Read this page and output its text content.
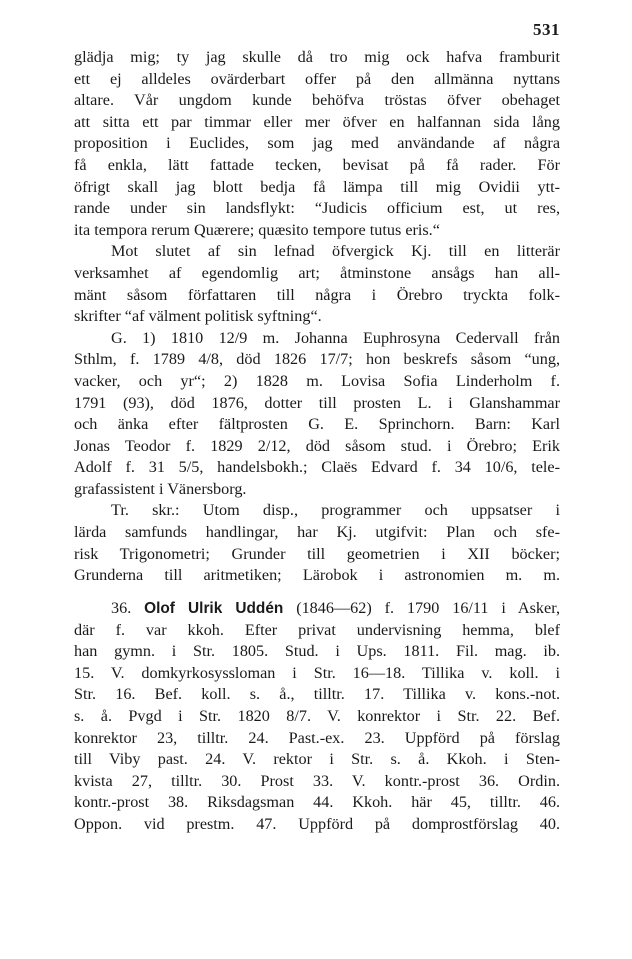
531
glädja mig; ty jag skulle då tro mig ock hafva framburit
ett ej alldeles ovärderbart offer på den allmänna nyttans
altare. Vår ungdom kunde behöfva tröstas öfver obehaget
att sitta ett par timmar eller mer öfver en halfannan sida lång
proposition i Euclides, som jag med användande af några
få enkla, lätt fattade tecken, bevisat på få rader. För
öfrigt skall jag blott bedja få lämpa till mig Ovidii ytt-
rande under sin landsflykt: “Judicis officium est, ut res,
ita tempora rerum Quærere; quæsito tempore tutus eris.“
Mot slutet af sin lefnad öfvergick Kj. till en litterär
verksamhet af egendomlig art; åtminstone ansågs han all-
mänt såsom författaren till några i Örebro tryckta folk-
skrifter “af välment politisk syftning“.
G. 1) 1810 12/9 m. Johanna Euphrosyna Cedervall från
Sthlm, f. 1789 4/8, död 1826 17/7; hon beskrefs såsom “ung,
vacker, och yr“; 2) 1828 m. Lovisa Sofia Linderholm f.
1791 (93), död 1876, dotter till prosten L. i Glanshammar
och änka efter fältprosten G. E. Sprinchorn. Barn: Karl
Jonas Teodor f. 1829 2/12, död såsom stud. i Örebro; Erik
Adolf f. 31 5/5, handelsbokh.; Claës Edvard f. 34 10/6, tele-
grafassistent i Vänersborg.
Tr. skr.: Utom disp., programmer och uppsatser i
lärda samfunds handlingar, har Kj. utgifvit: Plan och sfe-
risk Trigonometri; Grunder till geometrien i XII böcker;
Grunderna till aritmetiken; Lärobok i astronomien m. m.
36. Olof Ulrik Uddén (1846—62) f. 1790 16/11 i Asker,
där f. var kkoh. Efter privat undervisning hemma, blef
han gymn. i Str. 1805. Stud. i Ups. 1811. Fil. mag. ib.
15. V. domkyrkosyssloman i Str. 16—18. Tillika v. koll. i
Str. 16. Bef. koll. s. å., tilltr. 17. Tillika v. kons.-not.
s. å. Pvgd i Str. 1820 8/7. V. konrektor i Str. 22. Bef.
konrektor 23, tilltr. 24. Past.-ex. 23. Uppförd på förslag
till Viby past. 24. V. rektor i Str. s. å. Kkoh. i Sten-
kvista 27, tilltr. 30. Prost 33. V. kontr.-prost 36. Ordin.
kontr.-prost 38. Riksdagsman 44. Kkoh. här 45, tilltr. 46.
Oppon. vid prestm. 47. Uppförd på domprostförslag 40.
